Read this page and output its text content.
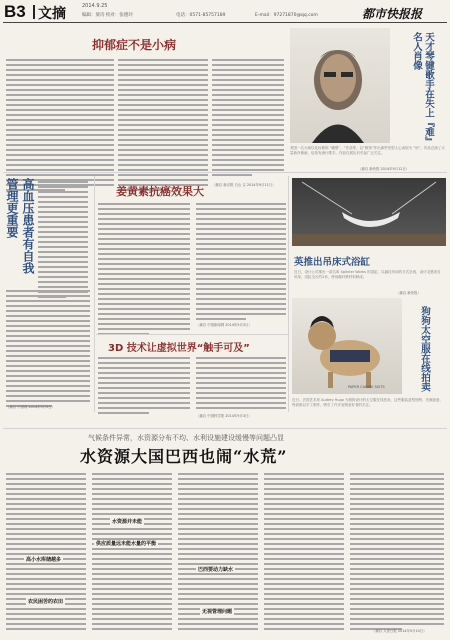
B3 文摘	2014.9.25
编辑：梁诗 校对：张德玲	电话：0571-85757189	E-mail：97271870@qq.com	都市快报报
抑郁症不是小病
（摘自 新京报 白山 吉 2014年9月11日）
天才琴键歌手在失上『难』名人肖像
美国一名大师以化妆修饰 “雕塑”、”作品等，以“修饰”作出那些发型人心表现为 “形”，作品总画了大量新肖像画，包括有流行歌手。作品在展出后引起广泛关注。
（摘自 新快报 2014年9月12日）
高血压患者有自我管理更重要
（摘自 中国网 2014年9月9日）
姜黄素抗癌效果大
（摘自 中国新闻网 2014年9月3日）
英推出吊床式浴缸
近日，设计公司推出一款名叫 Splinter Works 的浴缸，以悬挂吊床的方式呈现，设计灵感来自吊床，浴缸全长约2米，使用碳纤维材料制成。
（摘自 新快报）
3D 技术让虚拟世界“触手可及”
（摘自 中国科学报 2014年9月3日）
PAPER CANINE SUITS	狗狗太空服在线拍卖
近日，法国艺术家 Audrey Hugo 为狗狗设计的太空服在线拍卖，这些服装造型独特、充满创意，每套都以手工制作，吸引了许多宠物爱好者的关注。
气候条件异常，水资源分布不均、水利设施建设缓慢等问题凸显
水资源大国巴西也闹“水荒”
高小水库储越多
水资源并未能
供应质量远未能水量的平衡
巴西要动力缺水
农民困苦的农田
无视管理问题
（摘自 人民日报 2014年9月10日）
